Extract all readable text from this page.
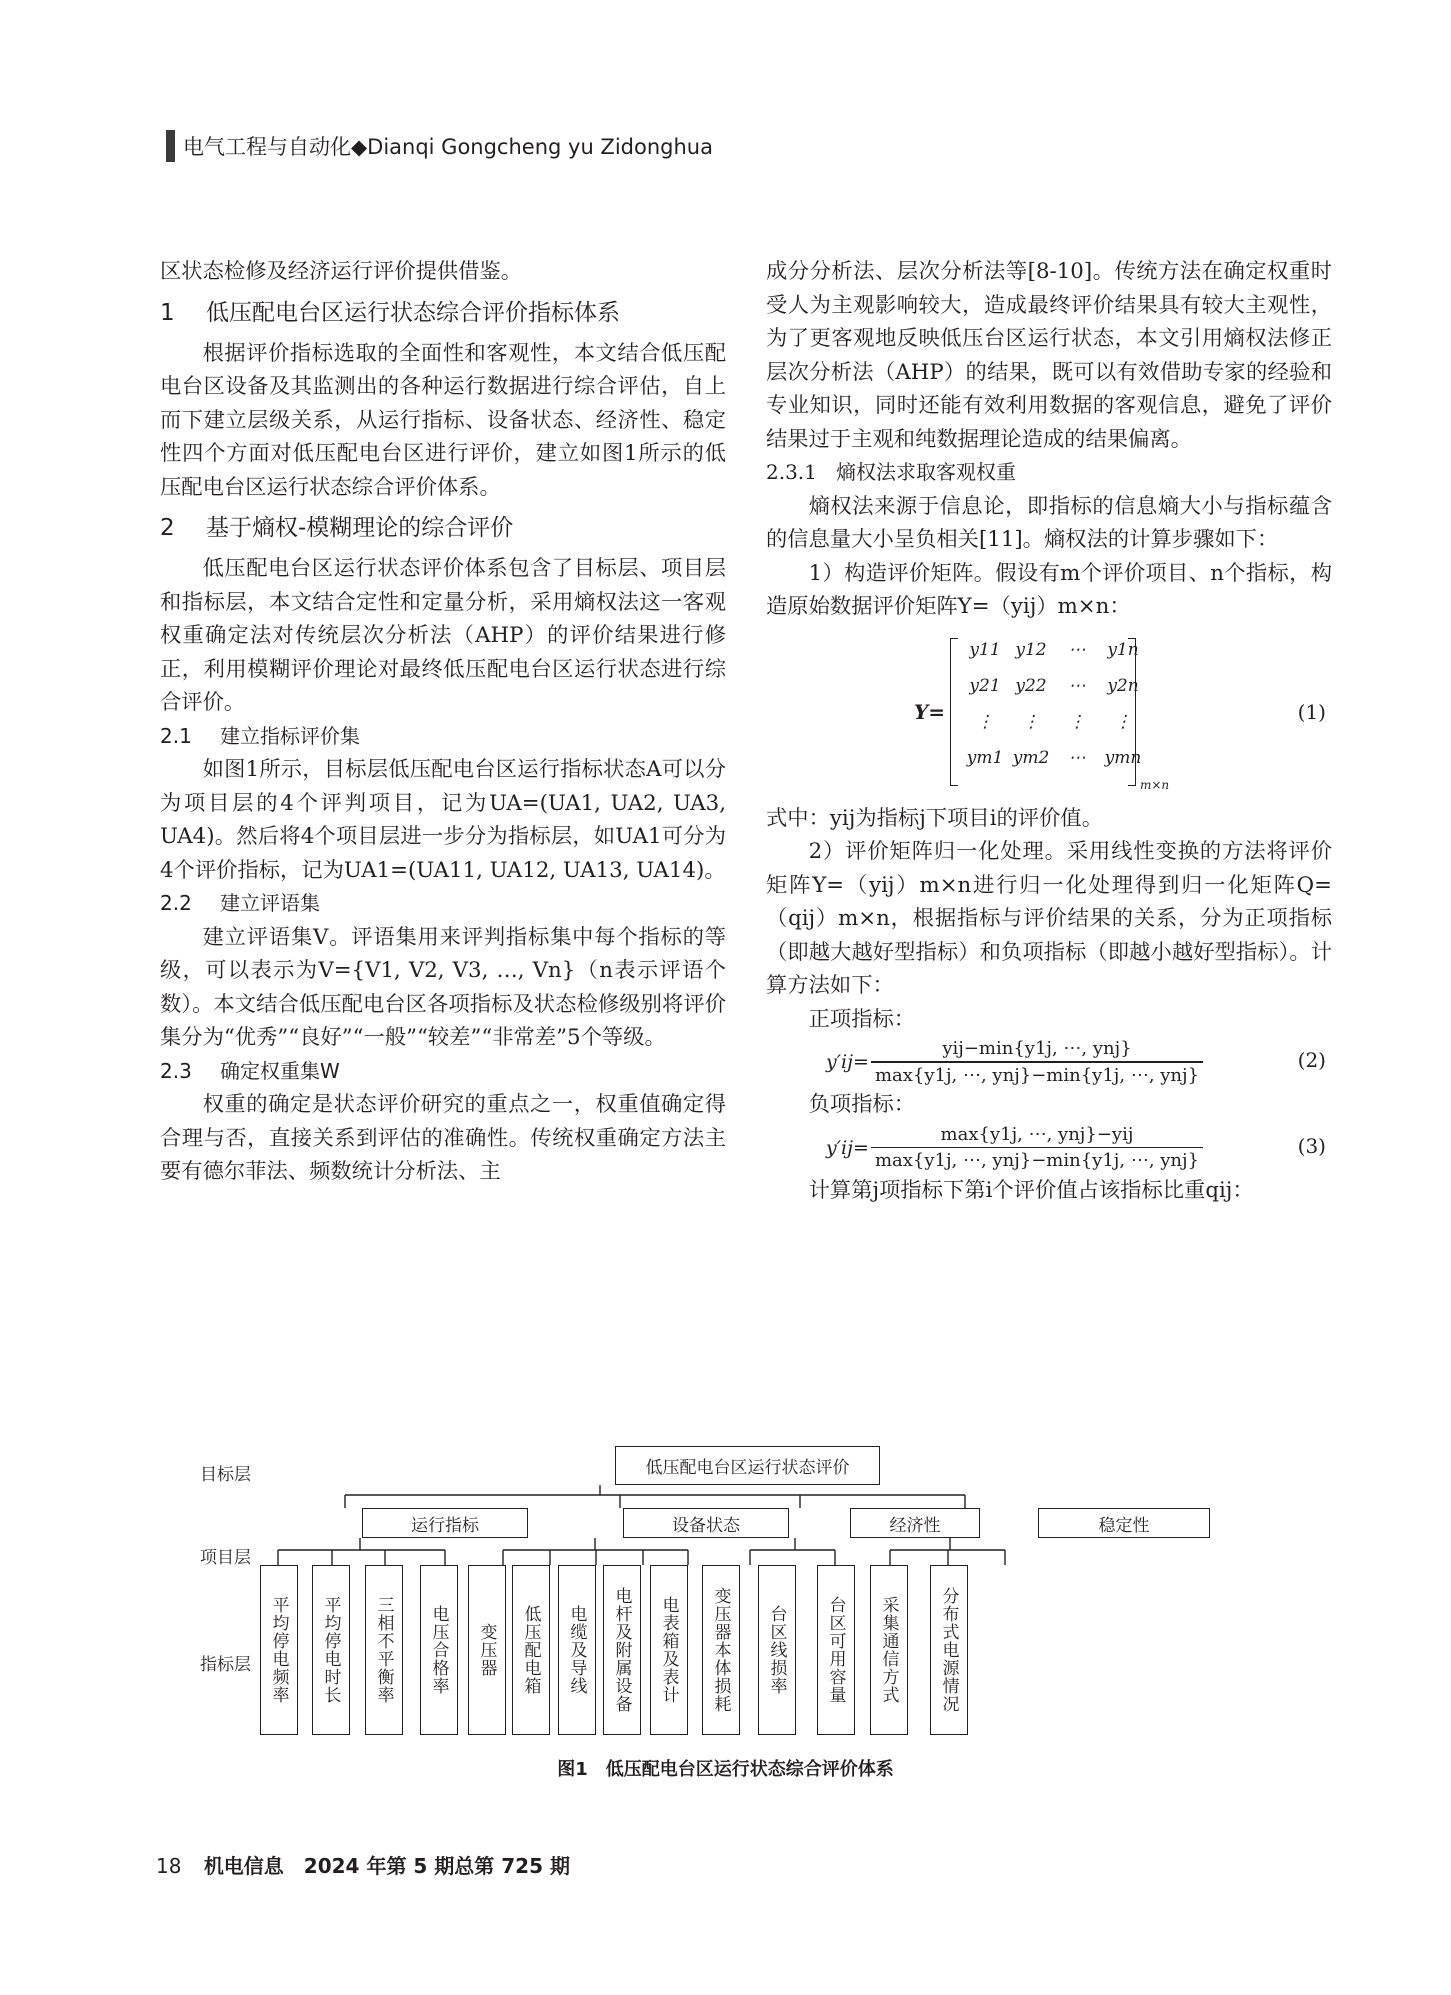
电气工程与自动化◆Dianqi Gongcheng yu Zidonghua

区状态检修及经济运行评价提供借鉴。

1	低压配电台区运行状态综合评价指标体系

根据评价指标选取的全面性和客观性，本文结合低压配电台区设备及其监测出的各种运行数据进行综合评估，自上而下建立层级关系，从运行指标、设备状态、经济性、稳定性四个方面对低压配电台区进行评价，建立如图1所示的低压配电台区运行状态综合评价体系。

2	基于熵权-模糊理论的综合评价

低压配电台区运行状态评价体系包含了目标层、项目层和指标层，本文结合定性和定量分析，采用熵权法这一客观权重确定法对传统层次分析法（AHP）的评价结果进行修正，利用模糊评价理论对最终低压配电台区运行状态进行综合评价。

2.1	建立指标评价集

如图1所示，目标层低压配电台区运行指标状态A可以分为项目层的4个评判项目，记为UA=(UA1, UA2, UA3, UA4)。然后将4个项目层进一步分为指标层，如UA1可分为4个评价指标，记为UA1=(UA11, UA12, UA13, UA14)。

2.2	建立评语集

建立评语集V。评语集用来评判指标集中每个指标的等级，可以表示为V={V1, V2, V3, …, Vn}（n表示评语个数）。本文结合低压配电台区各项指标及状态检修级别将评价集分为“优秀”“良好”“一般”“较差”“非常差”5个等级。

2.3	确定权重集W

权重的确定是状态评价研究的重点之一，权重值确定得合理与否，直接关系到评估的准确性。传统权重确定方法主要有德尔菲法、频数统计分析法、主

成分分析法、层次分析法等[8-10]。传统方法在确定权重时受人为主观影响较大，造成最终评价结果具有较大主观性，为了更客观地反映低压台区运行状态，本文引用熵权法修正层次分析法（AHP）的结果，既可以有效借助专家的经验和专业知识，同时还能有效利用数据的客观信息，避免了评价结果过于主观和纯数据理论造成的结果偏离。

2.3.1 熵权法求取客观权重

熵权法来源于信息论，即指标的信息熵大小与指标蕴含的信息量大小呈负相关[11]。熵权法的计算步骤如下：

1）构造评价矩阵。假设有m个评价项目、n个指标，构造原始数据评价矩阵Y=（yij）m×n：

Y=
y11 y12	⋯	y1n
y21 y22	⋯	y2n
⋮	⋮	⋮	⋮
ym1 ym2	⋯	ymn
m×n
(1)

式中：yij为指标j下项目i的评价值。

2）评价矩阵归一化处理。采用线性变换的方法将评价矩阵Y=（yij）m×n进行归一化处理得到归一化矩阵Q=（qij）m×n，根据指标与评价结果的关系，分为正项指标（即越大越好型指标）和负项指标（即越小越好型指标）。计算方法如下：

正项指标：

$y'ij= \frac{\text{yij−min\{y1j, ⋯, ynj\}}}{\text{max\{y1j, ⋯, ynj\}−min\{y1j, ⋯, ynj\}}}$	(2)

负项指标：

$y'ij= \frac{\text{max\{y1j, ⋯, ynj\}−yij}}{\text{max\{y1j, ⋯, ynj\}−min\{y1j, ⋯, ynj\}}}$	(3)

计算第j项指标下第i个评价值占该指标比重qij：

目标层
项目层
指标层
低压配电台区运行状态评价
运行指标	设备状态	经济性	稳定性
平均停电频率	平均停电时长	三相不平衡率	电压合格率	变压器	低压配电箱	电缆及导线	电杆及附属设备	电表箱及表计	变压器本体损耗	台区线损率	台区可用容量	采集通信方式	分布式电源情况
图1　低压配电台区运行状态综合评价体系
18 机电信息　2024 年第 5 期总第 725 期
